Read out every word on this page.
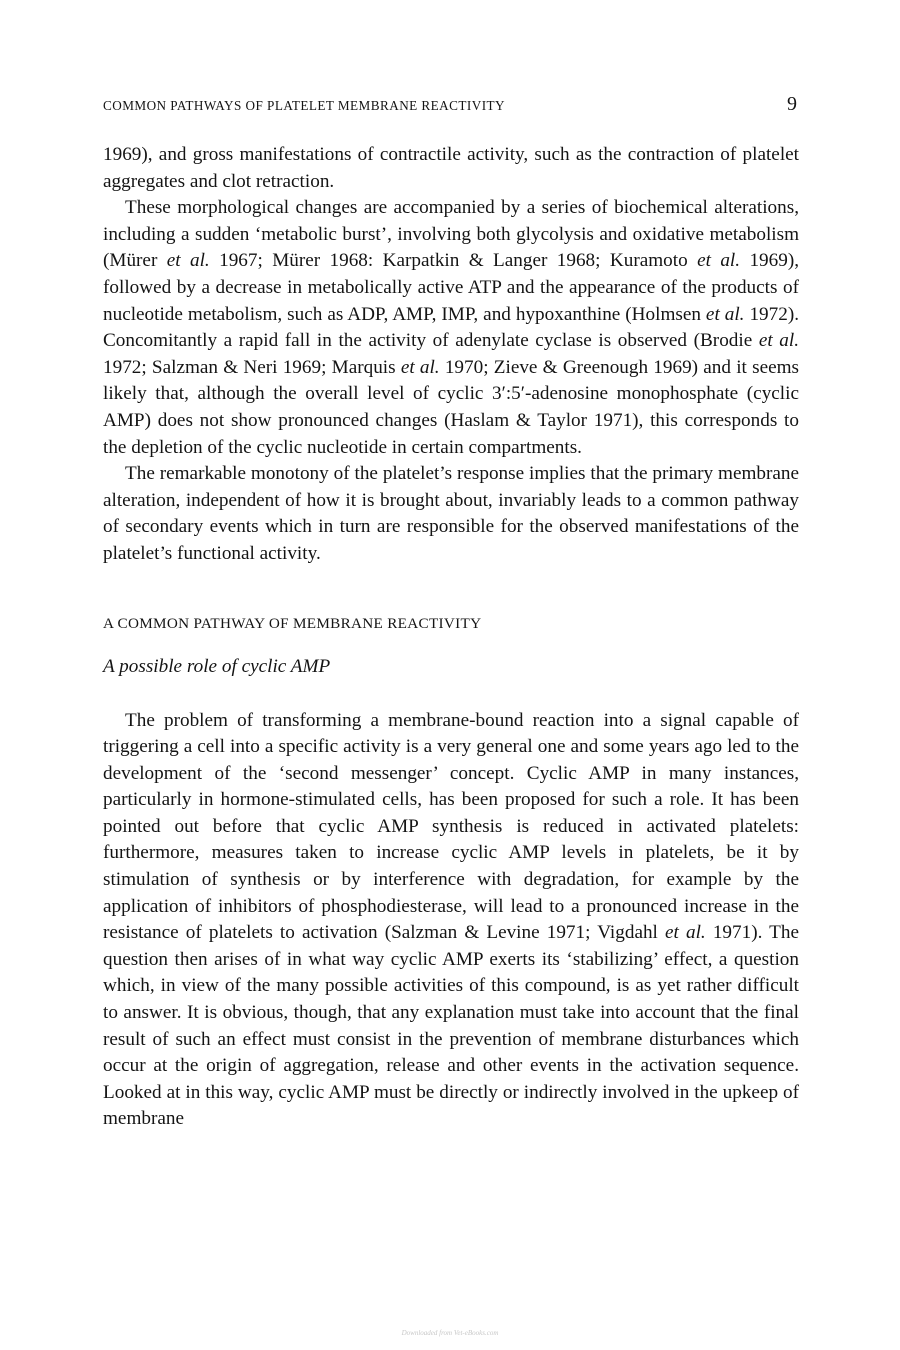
COMMON PATHWAYS OF PLATELET MEMBRANE REACTIVITY	9

1969), and gross manifestations of contractile activity, such as the contraction of platelet aggregates and clot retraction.

These morphological changes are accompanied by a series of biochemical alterations, including a sudden ‘metabolic burst’, involving both glycolysis and oxidative metabolism (Mürer et al. 1967; Mürer 1968: Karpatkin & Langer 1968; Kuramoto et al. 1969), followed by a decrease in metabolically active ATP and the appearance of the products of nucleotide metabolism, such as ADP, AMP, IMP, and hypoxanthine (Holmsen et al. 1972). Concomitantly a rapid fall in the activity of adenylate cyclase is observed (Brodie et al. 1972; Salzman & Neri 1969; Marquis et al. 1970; Zieve & Greenough 1969) and it seems likely that, although the overall level of cyclic 3′:5′-adenosine monophosphate (cyclic AMP) does not show pronounced changes (Haslam & Taylor 1971), this corresponds to the depletion of the cyclic nucleotide in certain compartments.

The remarkable monotony of the platelet’s response implies that the primary membrane alteration, independent of how it is brought about, invariably leads to a common pathway of secondary events which in turn are responsible for the observed manifestations of the platelet’s functional activity.

A COMMON PATHWAY OF MEMBRANE REACTIVITY
A possible role of cyclic AMP

The problem of transforming a membrane-bound reaction into a signal capable of triggering a cell into a specific activity is a very general one and some years ago led to the development of the ‘second messenger’ concept. Cyclic AMP in many instances, particularly in hormone-stimulated cells, has been proposed for such a role. It has been pointed out before that cyclic AMP synthesis is reduced in activated platelets: furthermore, measures taken to increase cyclic AMP levels in platelets, be it by stimulation of synthesis or by interference with degradation, for example by the application of inhibitors of phosphodiesterase, will lead to a pronounced increase in the resistance of platelets to activation (Salzman & Levine 1971; Vigdahl et al. 1971). The question then arises of in what way cyclic AMP exerts its ‘stabilizing’ effect, a question which, in view of the many possible activities of this compound, is as yet rather difficult to answer. It is obvious, though, that any explanation must take into account that the final result of such an effect must consist in the prevention of membrane disturbances which occur at the origin of aggregation, release and other events in the activation sequence. Looked at in this way, cyclic AMP must be directly or indirectly involved in the upkeep of membrane

Downloaded from Vet-eBooks.com
